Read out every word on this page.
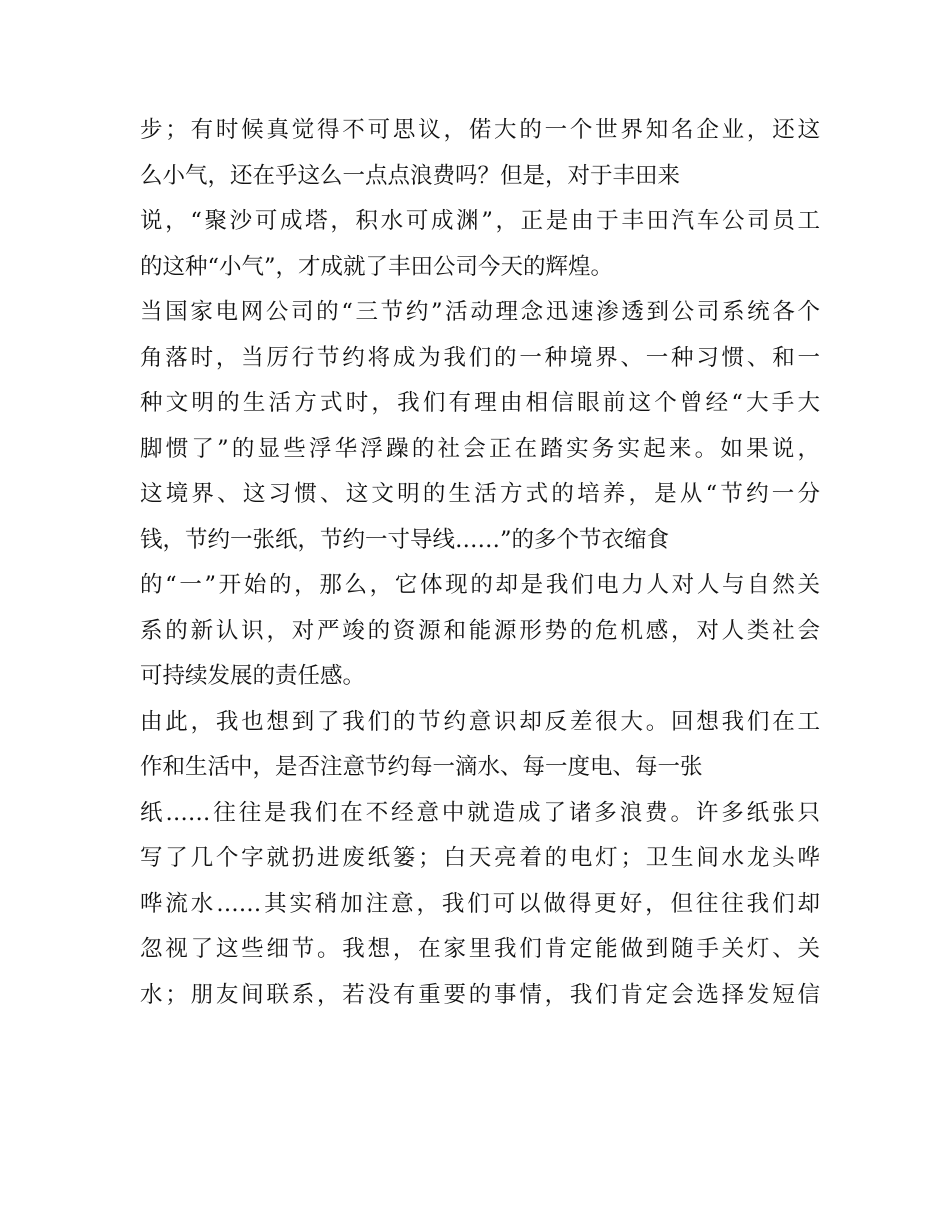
步；有时候真觉得不可思议，偌大的一个世界知名企业，还这
么小气，还在乎这么一点点浪费吗？但是，对于丰田来
说，“聚沙可成塔，积水可成渊”，正是由于丰田汽车公司员工
的这种“小气”，才成就了丰田公司今天的辉煌。
当国家电网公司的“三节约”活动理念迅速渗透到公司系统各个
角落时，当厉行节约将成为我们的一种境界、一种习惯、和一
种文明的生活方式时，我们有理由相信眼前这个曾经“大手大
脚惯了”的显些浮华浮躁的社会正在踏实务实起来。如果说，
这境界、这习惯、这文明的生活方式的培养，是从“节约一分
钱，节约一张纸，节约一寸导线……”的多个节衣缩食
的“一”开始的，那么，它体现的却是我们电力人对人与自然关
系的新认识，对严竣的资源和能源形势的危机感，对人类社会
可持续发展的责任感。
由此，我也想到了我们的节约意识却反差很大。回想我们在工
作和生活中，是否注意节约每一滴水、每一度电、每一张
纸……往往是我们在不经意中就造成了诸多浪费。许多纸张只
写了几个字就扔进废纸篓；白天亮着的电灯；卫生间水龙头哗
哗流水……其实稍加注意，我们可以做得更好，但往往我们却
忽视了这些细节。我想，在家里我们肯定能做到随手关灯、关
水；朋友间联系，若没有重要的事情，我们肯定会选择发短信
